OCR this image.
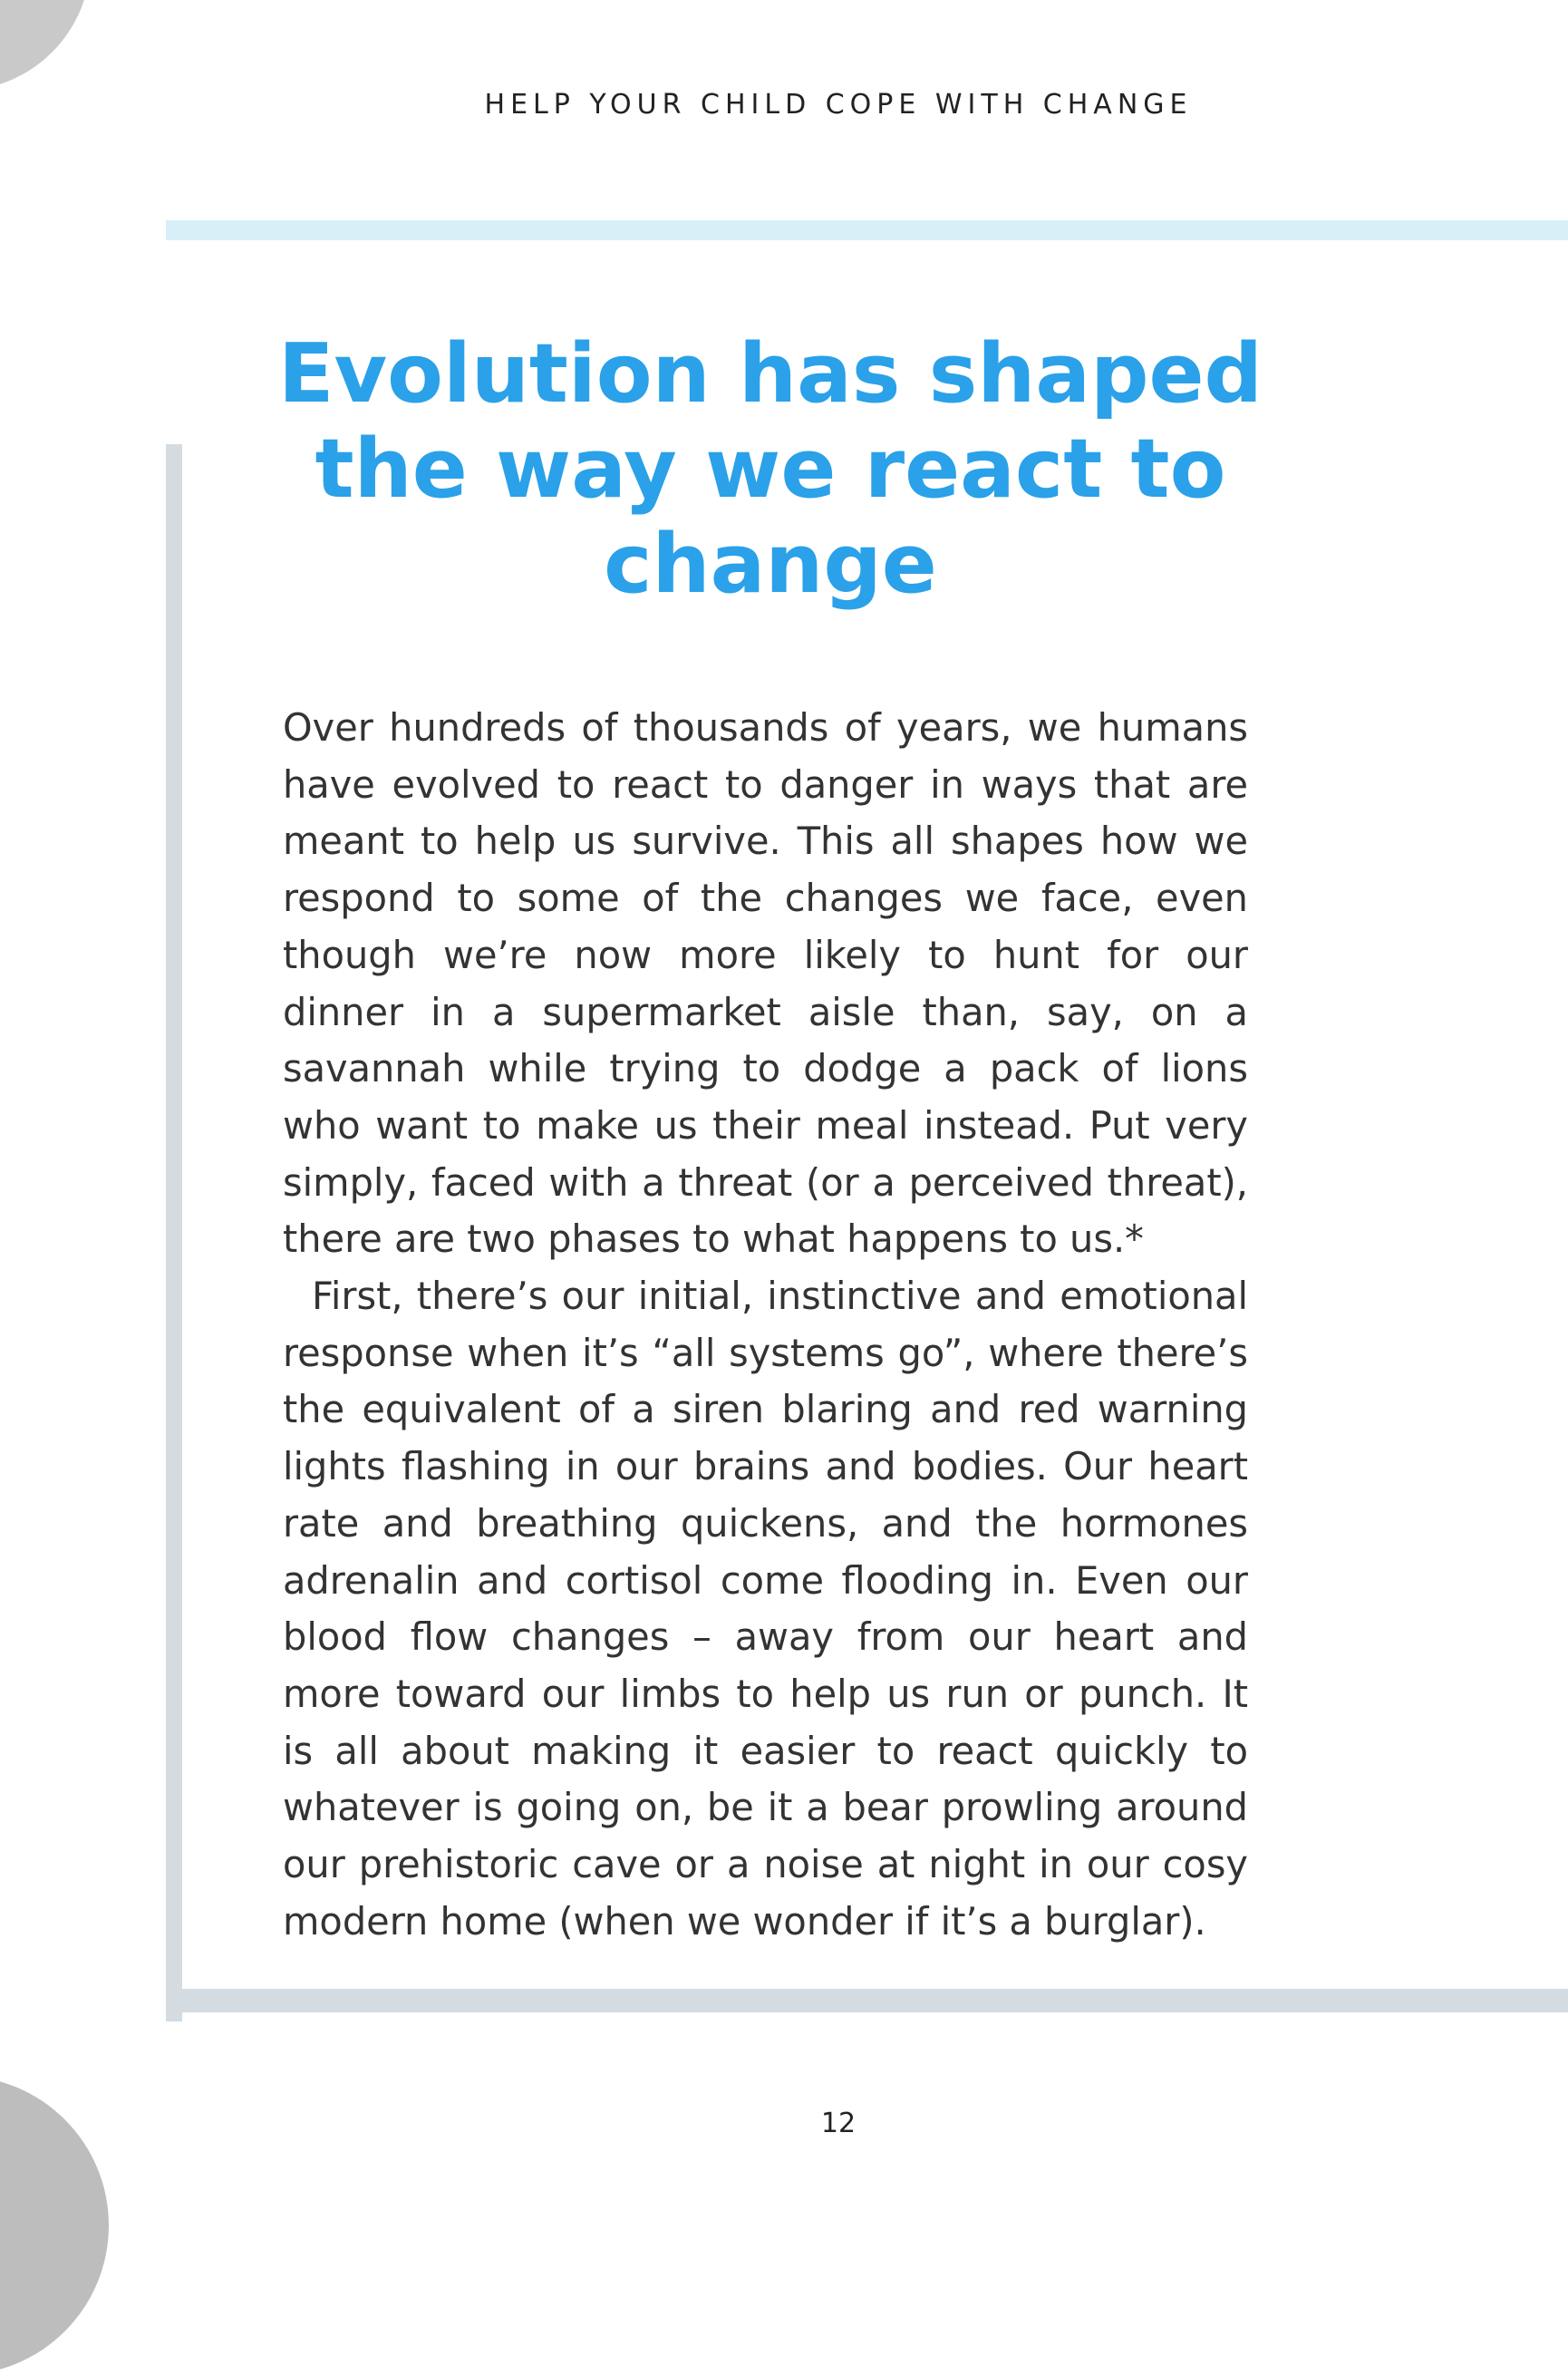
HELP YOUR CHILD COPE WITH CHANGE
Evolution has shaped the way we react to change

Over hundreds of thousands of years, we humans have evolved to react to danger in ways that are meant to help us survive. This all shapes how we respond to some of the changes we face, even though we’re now more likely to hunt for our dinner in a supermarket aisle than, say, on a savannah while trying to dodge a pack of lions who want to make us their meal instead. Put very simply, faced with a threat (or a perceived threat), there are two phases to what happens to us.*

First, there’s our initial, instinctive and emotional response when it’s “all systems go”, where there’s the equivalent of a siren blaring and red warning lights flashing in our brains and bodies. Our heart rate and breathing quickens, and the hormones adrenalin and cortisol come flooding in. Even our blood flow changes – away from our heart and more toward our limbs to help us run or punch. It is all about making it easier to react quickly to whatever is going on, be it a bear prowling around our prehistoric cave or a noise at night in our cosy modern home (when we wonder if it’s a burglar).

12
